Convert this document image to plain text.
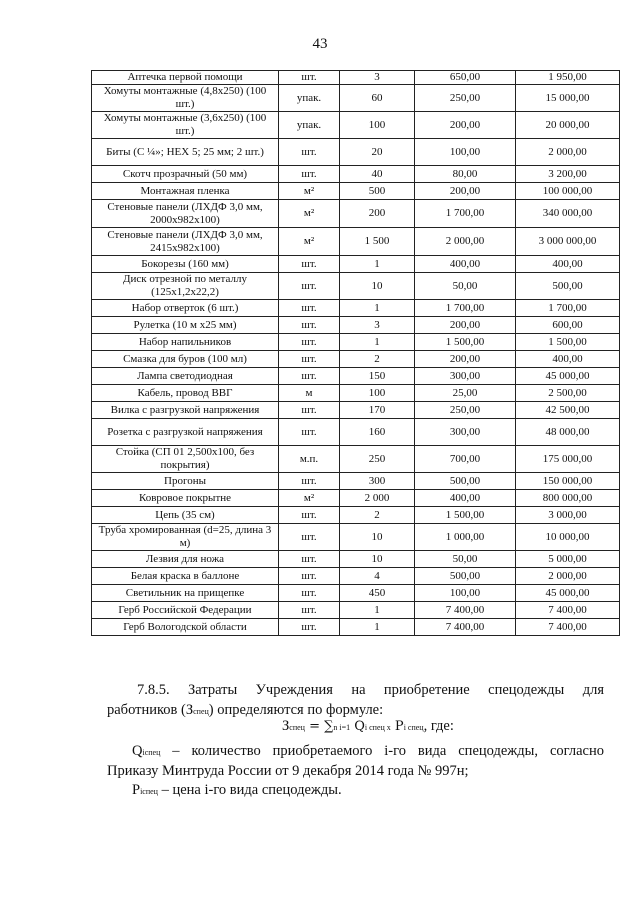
43
Аптечка первой помощи	шт.	3	650,00	1 950,00
Хомуты монтажные (4,8х250) (100 шт.)	упак.	60	250,00	15 000,00
Хомуты монтажные (3,6х250) (100 шт.)	упак.	100	200,00	20 000,00
Биты (С ¼»; HEX 5; 25 мм; 2 шт.)	шт.	20	100,00	2 000,00
Скотч прозрачный (50 мм)	шт.	40	80,00	3 200,00
Монтажная пленка	м²	500	200,00	100 000,00
Стеновые панели (ЛХДФ 3,0 мм, 2000х982х100)	м²	200	1 700,00	340 000,00
Стеновые панели (ЛХДФ 3,0 мм, 2415х982х100)	м²	1 500	2 000,00	3 000 000,00
Бокорезы (160 мм)	шт.	1	400,00	400,00
Диск отрезной по металлу (125х1,2х22,2)	шт.	10	50,00	500,00
Набор отверток (6 шт.)	шт.	1	1 700,00	1 700,00
Рулетка (10 м х25 мм)	шт.	3	200,00	600,00
Набор напильников	шт.	1	1 500,00	1 500,00
Смазка для буров (100 мл)	шт.	2	200,00	400,00
Лампа светодиодная	шт.	150	300,00	45 000,00
Кабель, провод ВВГ	м	100	25,00	2 500,00
Вилка с разгрузкой напряжения	шт.	170	250,00	42 500,00
Розетка с разгрузкой напряжения	шт.	160	300,00	48 000,00
Стойка (СП 01 2,500х100, без покрытия)	м.п.	250	700,00	175 000,00
Прогоны	шт.	300	500,00	150 000,00
Ковровое покрытне	м²	2 000	400,00	800 000,00
Цепь (35 см)	шт.	2	1 500,00	3 000,00
Труба хромированная (d=25, длина 3 м)	шт.	10	1 000,00	10 000,00
Лезвия для ножа	шт.	10	50,00	5 000,00
Белая краска в баллоне	шт.	4	500,00	2 000,00
Светильник на прищепке	шт.	450	100,00	45 000,00
Герб Российской Федерации	шт.	1	7 400,00	7 400,00
Герб Вологодской области	шт.	1	7 400,00	7 400,00
7.8.5. Затраты Учреждения на приобретение спецодежды для
работников (Зспец) определяются по формуле:
Зспец = ∑n i=1 Qi спец х Pi спец, где:
Qiспец – количество приобретаемого i-го вида спецодежды, согласно
Приказу Минтруда России от 9 декабря 2014 года № 997н;
Piспец – цена i-го вида спецодежды.
